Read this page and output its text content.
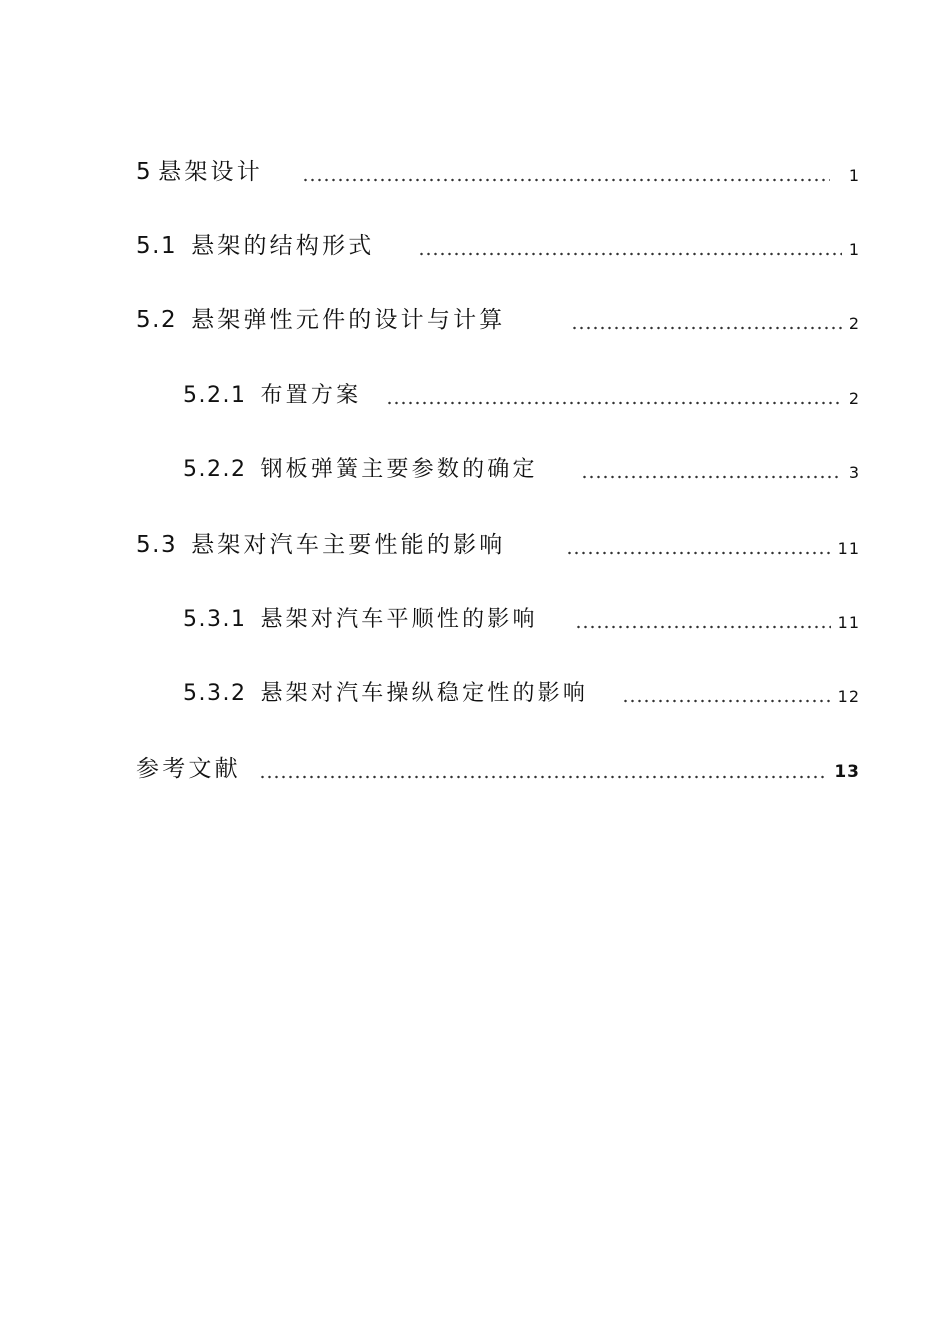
5 悬架设计	1
5.1 悬架的结构形式	1
5.2 悬架弹性元件的设计与计算	2
5.2.1 布置方案	2
5.2.2 钢板弹簧主要参数的确定	3
5.3 悬架对汽车主要性能的影响	11
5.3.1 悬架对汽车平顺性的影响	11
5.3.2 悬架对汽车操纵稳定性的影响	12
参考文献	13
